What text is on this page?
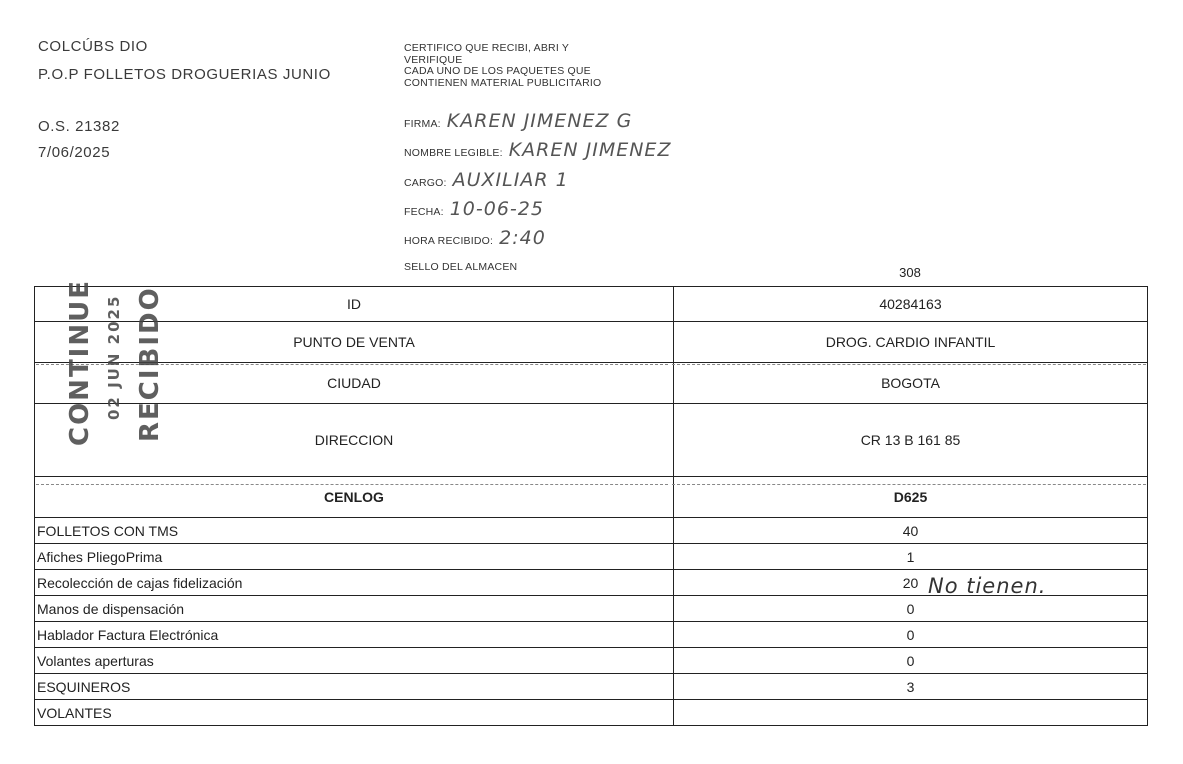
COLCÚBS DIO
P.O.P FOLLETOS DROGUERIAS JUNIO
O.S. 21382
7/06/2025
CERTIFICO QUE RECIBI, ABRI Y
VERIFIQUE
CADA UNO DE LOS PAQUETES QUE
CONTIENEN MATERIAL PUBLICITARIO
FIRMA: KAREN JIMENEZ G
NOMBRE LEGIBLE: KAREN JIMENEZ
CARGO: AUXILIAR 1
FECHA: 10-06-25
HORA RECIBIDO: 2:40
SELLO DEL ALMACEN	308
ID	40284163
PUNTO DE VENTA	DROG. CARDIO INFANTIL
CIUDAD	BOGOTA
DIRECCION	CR 13 B 161 85
CENLOG	D625
FOLLETOS CON TMS	40
Afiches PliegoPrima	1
Recolección de cajas fidelización	20
Manos de dispensación	0
Hablador Factura Electrónica	0
Volantes aperturas	0
ESQUINEROS	3
VOLANTES	
CONTINUE 02 JUN 2025 RECIBIDO
No tienen.
